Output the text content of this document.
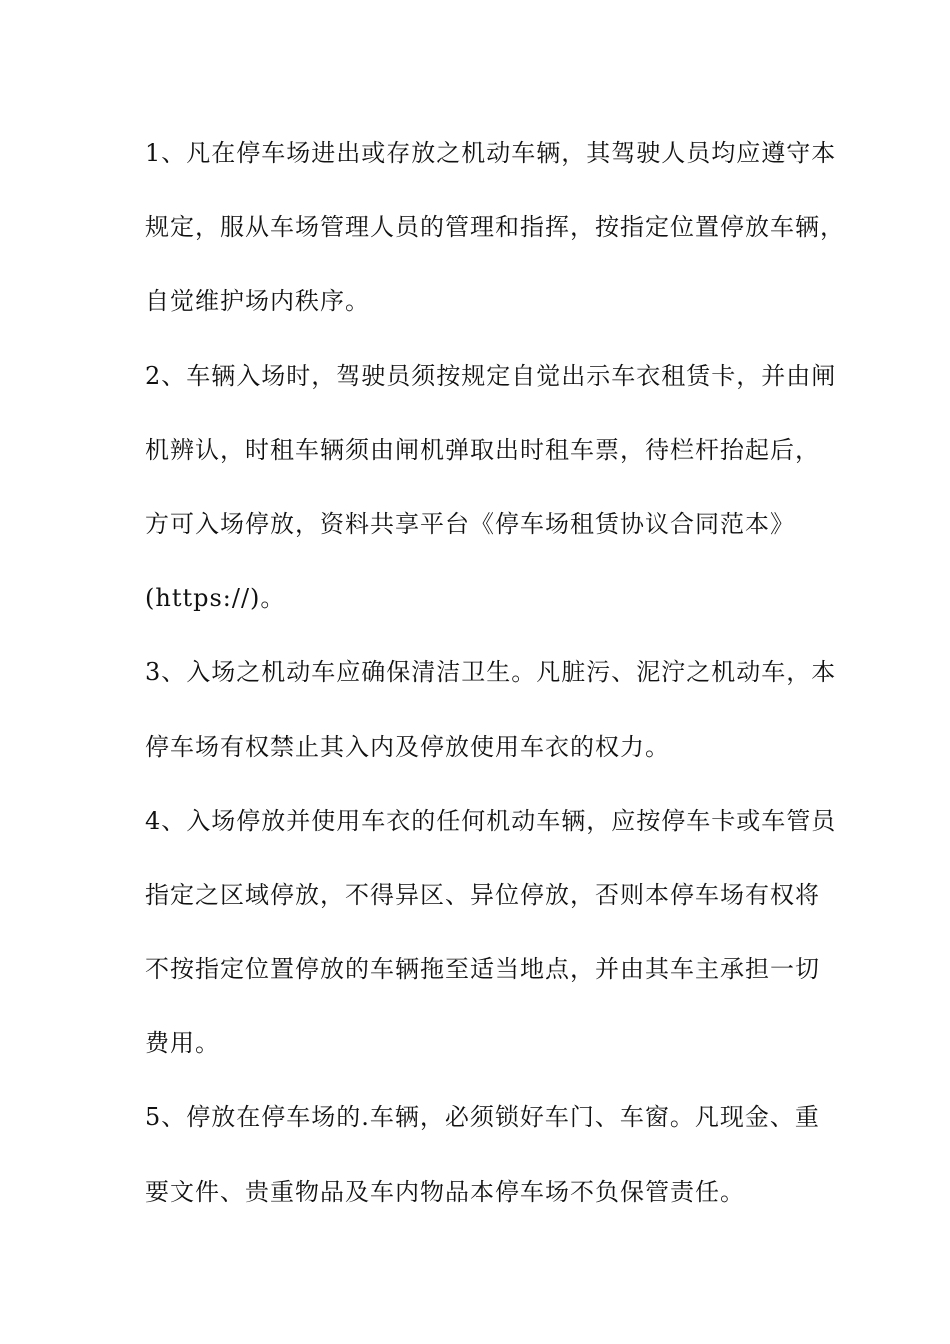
1、凡在停车场进出或存放之机动车辆，其驾驶人员均应遵守本
规定，服从车场管理人员的管理和指挥，按指定位置停放车辆，
自觉维护场内秩序。
2、车辆入场时，驾驶员须按规定自觉出示车衣租赁卡，并由闸
机辨认，时租车辆须由闸机弹取出时租车票，待栏杆抬起后，
方可入场停放，资料共享平台《停车场租赁协议合同范本》
(https://)。
3、入场之机动车应确保清洁卫生。凡脏污、泥泞之机动车，本
停车场有权禁止其入内及停放使用车衣的权力。
4、入场停放并使用车衣的任何机动车辆，应按停车卡或车管员
指定之区域停放，不得异区、异位停放，否则本停车场有权将
不按指定位置停放的车辆拖至适当地点，并由其车主承担一切
费用。
5、停放在停车场的.车辆，必须锁好车门、车窗。凡现金、重
要文件、贵重物品及车内物品本停车场不负保管责任。
